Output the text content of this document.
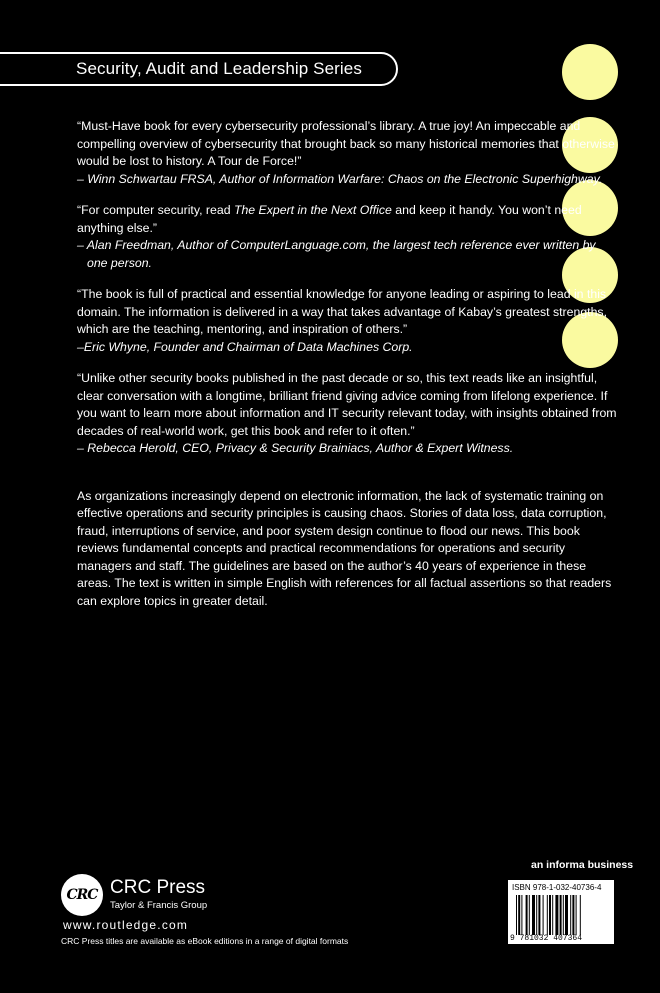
Security, Audit and Leadership Series

“Must-Have book for every cybersecurity professional’s library. A true joy! An impeccable and compelling overview of cybersecurity that brought back so many historical memories that otherwise would be lost to history. A Tour de Force!”

– Winn Schwartau FRSA, Author of Information Warfare: Chaos on the Electronic Superhighway.

“For computer security, read The Expert in the Next Office and keep it handy. You won’t need anything else.”

– Alan Freedman, Author of ComputerLanguage.com, the largest tech reference ever written by one person.

“The book is full of practical and essential knowledge for anyone leading or aspiring to lead in this domain. The information is delivered in a way that takes advantage of Kabay’s greatest strengths, which are the teaching, mentoring, and inspiration of others.”

–Eric Whyne, Founder and Chairman of Data Machines Corp.

“Unlike other security books published in the past decade or so, this text reads like an insightful, clear conversation with a longtime, brilliant friend giving advice coming from lifelong experience. If you want to learn more about information and IT security relevant today, with insights obtained from decades of real-world work, get this book and refer to it often.”

– Rebecca Herold, CEO, Privacy & Security Brainiacs, Author & Expert Witness.

As organizations increasingly depend on electronic information, the lack of systematic training on effective operations and security principles is causing chaos. Stories of data loss, data corruption, fraud, interruptions of service, and poor system design continue to flood our news. This book reviews fundamental concepts and practical recommendations for operations and security managers and staff. The guidelines are based on the author’s 40 years of experience in these areas. The text is written in simple English with references for all factual assertions so that readers can explore topics in greater detail.

an informa business
CRC CRC Press
Taylor & Francis Group
www.routledge.com
CRC Press titles are available as eBook editions in a range of digital formats
ISBN 978-1-032-40736-4
9 781032 407364
